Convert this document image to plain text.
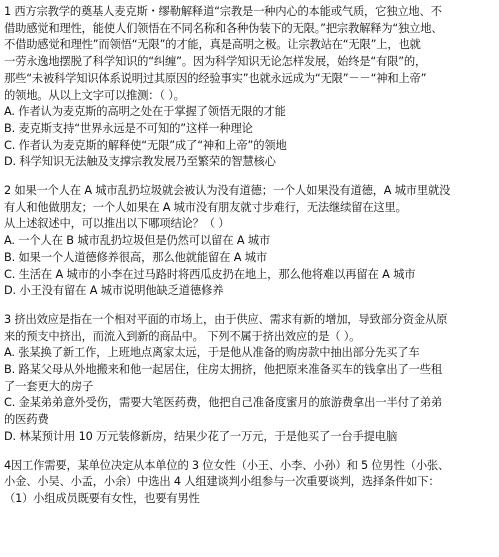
1 西方宗教学的奠基人麦克斯・缪勒解释道“宗教是一种内心的本能或气质，它独立地、不
借助感觉和理性，能使人们领悟在不同名称和各种伪装下的无限。”把宗教解释为“独立地、
不借助感觉和理性”而领悟“无限”的才能，真是高明之极。让宗教站在“无限”上，也就
一劳永逸地摆脱了科学知识的“纠缠”。因为科学知识无论怎样发展，始终是“有限”的，
那些“未被科学知识体系说明过其原因的经验事实”也就永远成为“无限”－－“神和上帝”
的领地。从以上文字可以推测：（ ）。
A. 作者认为麦克斯的高明之处在于掌握了领悟无限的才能
B. 麦克斯支持“世界永远是不可知的”这样一种理论
C. 作者认为麦克斯的解释使“无限”成了“神和上帝”的领地
D. 科学知识无法触及支撑宗教发展乃至繁荣的智慧核心
2 如果一个人在 A 城市乱扔垃圾就会被认为没有道德；一个人如果没有道德，A 城市里就没
有人和他做朋友；一个人如果在 A 城市没有朋友就寸步难行，无法继续留在这里。
从上述叙述中，可以推出以下哪项结论？（ ）
A. 一个人在 B 城市乱扔垃圾但是仍然可以留在 A 城市
B. 如果一个人道德修养很高，那么他就能留在 A 城市
C. 生活在 A 城市的小李在过马路时将西瓜皮扔在地上，那么他将难以再留在 A 城市
D. 小王没有留在 A 城市说明他缺乏道德修养
3 挤出效应是指在一个相对平面的市场上，由于供应、需求有新的增加，导致部分资金从原
来的预支中挤出，而流入到新的商品中。 下列不属于挤出效应的是（ ）。
A. 张某换了新工作，上班地点离家太远，于是他从准备的购房款中抽出部分先买了车
B. 路某父母从外地搬来和他一起居住，住房太拥挤，他把原来准备买车的钱拿出了一些租
了一套更大的房子
C. 金某弟弟意外受伤，需要大笔医药费，他把自己准备度蜜月的旅游费拿出一半付了弟弟
的医药费
D. 林某预计用 10 万元装修新房，结果少花了一万元，于是他买了一台手提电脑
4因工作需要，某单位决定从本单位的 3 位女性（小王、小李、小孙）和 5 位男性（小张、
小金、小吴、小孟，小余）中选出 4 人组建谈判小组参与一次重要谈判，选择条件如下：
（1）小组成员既要有女性，也要有男性
